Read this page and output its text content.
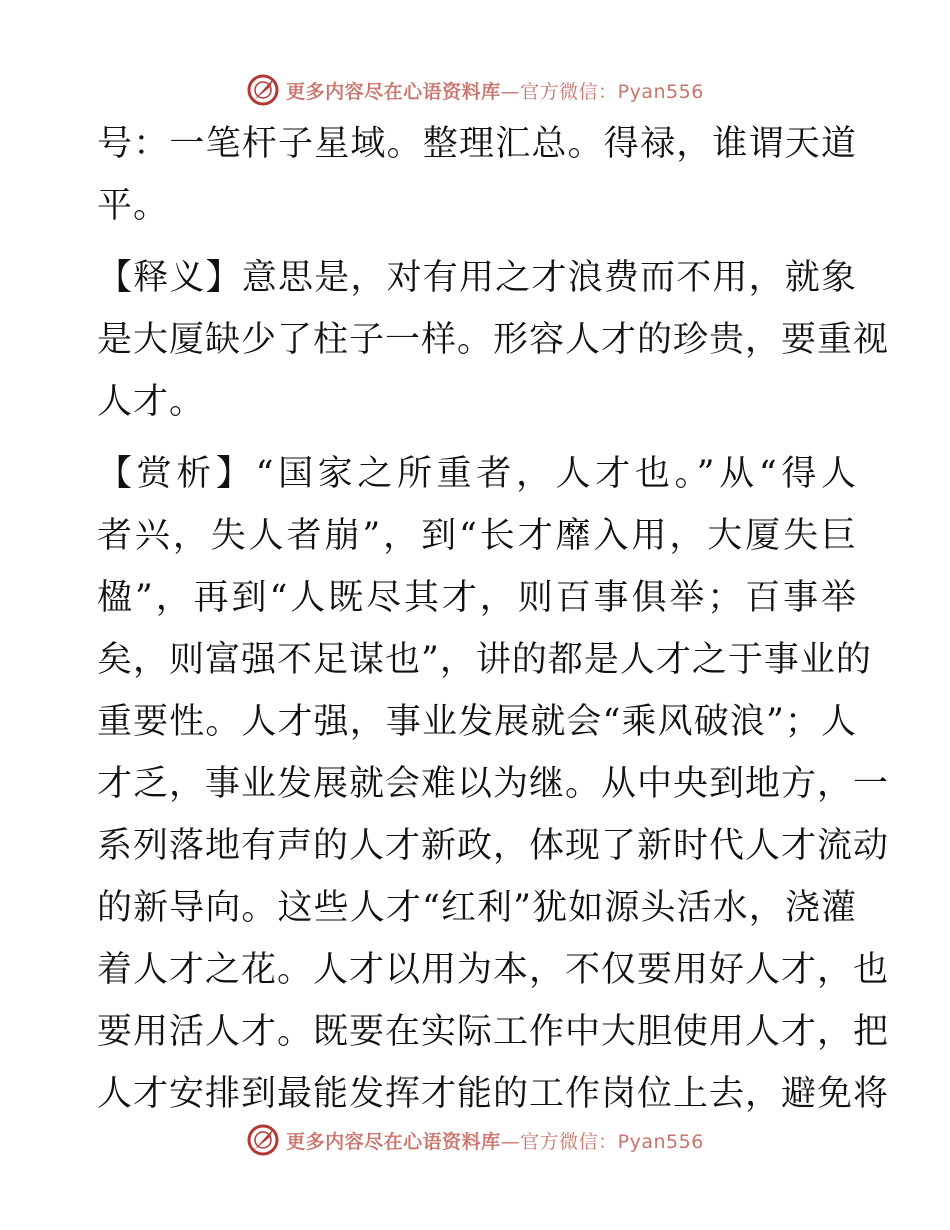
更多内容尽在心语资料库—官方微信：Pyan556
号：一笔杆子星域。整理汇总。得禄，谁谓天道
平。
【释义】意思是，对有用之才浪费而不用，就象
是大厦缺少了柱子一样。形容人才的珍贵，要重视
人才。
【赏析】“国家之所重者，人才也。”从“得人
者兴，失人者崩”，到“长才靡入用，大厦失巨
楹”，再到“人既尽其才，则百事俱举；百事举
矣，则富强不足谋也”，讲的都是人才之于事业的
重要性。人才强，事业发展就会“乘风破浪”；人
才乏，事业发展就会难以为继。从中央到地方，一
系列落地有声的人才新政，体现了新时代人才流动
的新导向。这些人才“红利”犹如源头活水，浇灌
着人才之花。人才以用为本，不仅要用好人才，也
要用活人才。既要在实际工作中大胆使用人才，把
人才安排到最能发挥才能的工作岗位上去，避免将
更多内容尽在心语资料库—官方微信：Pyan556
